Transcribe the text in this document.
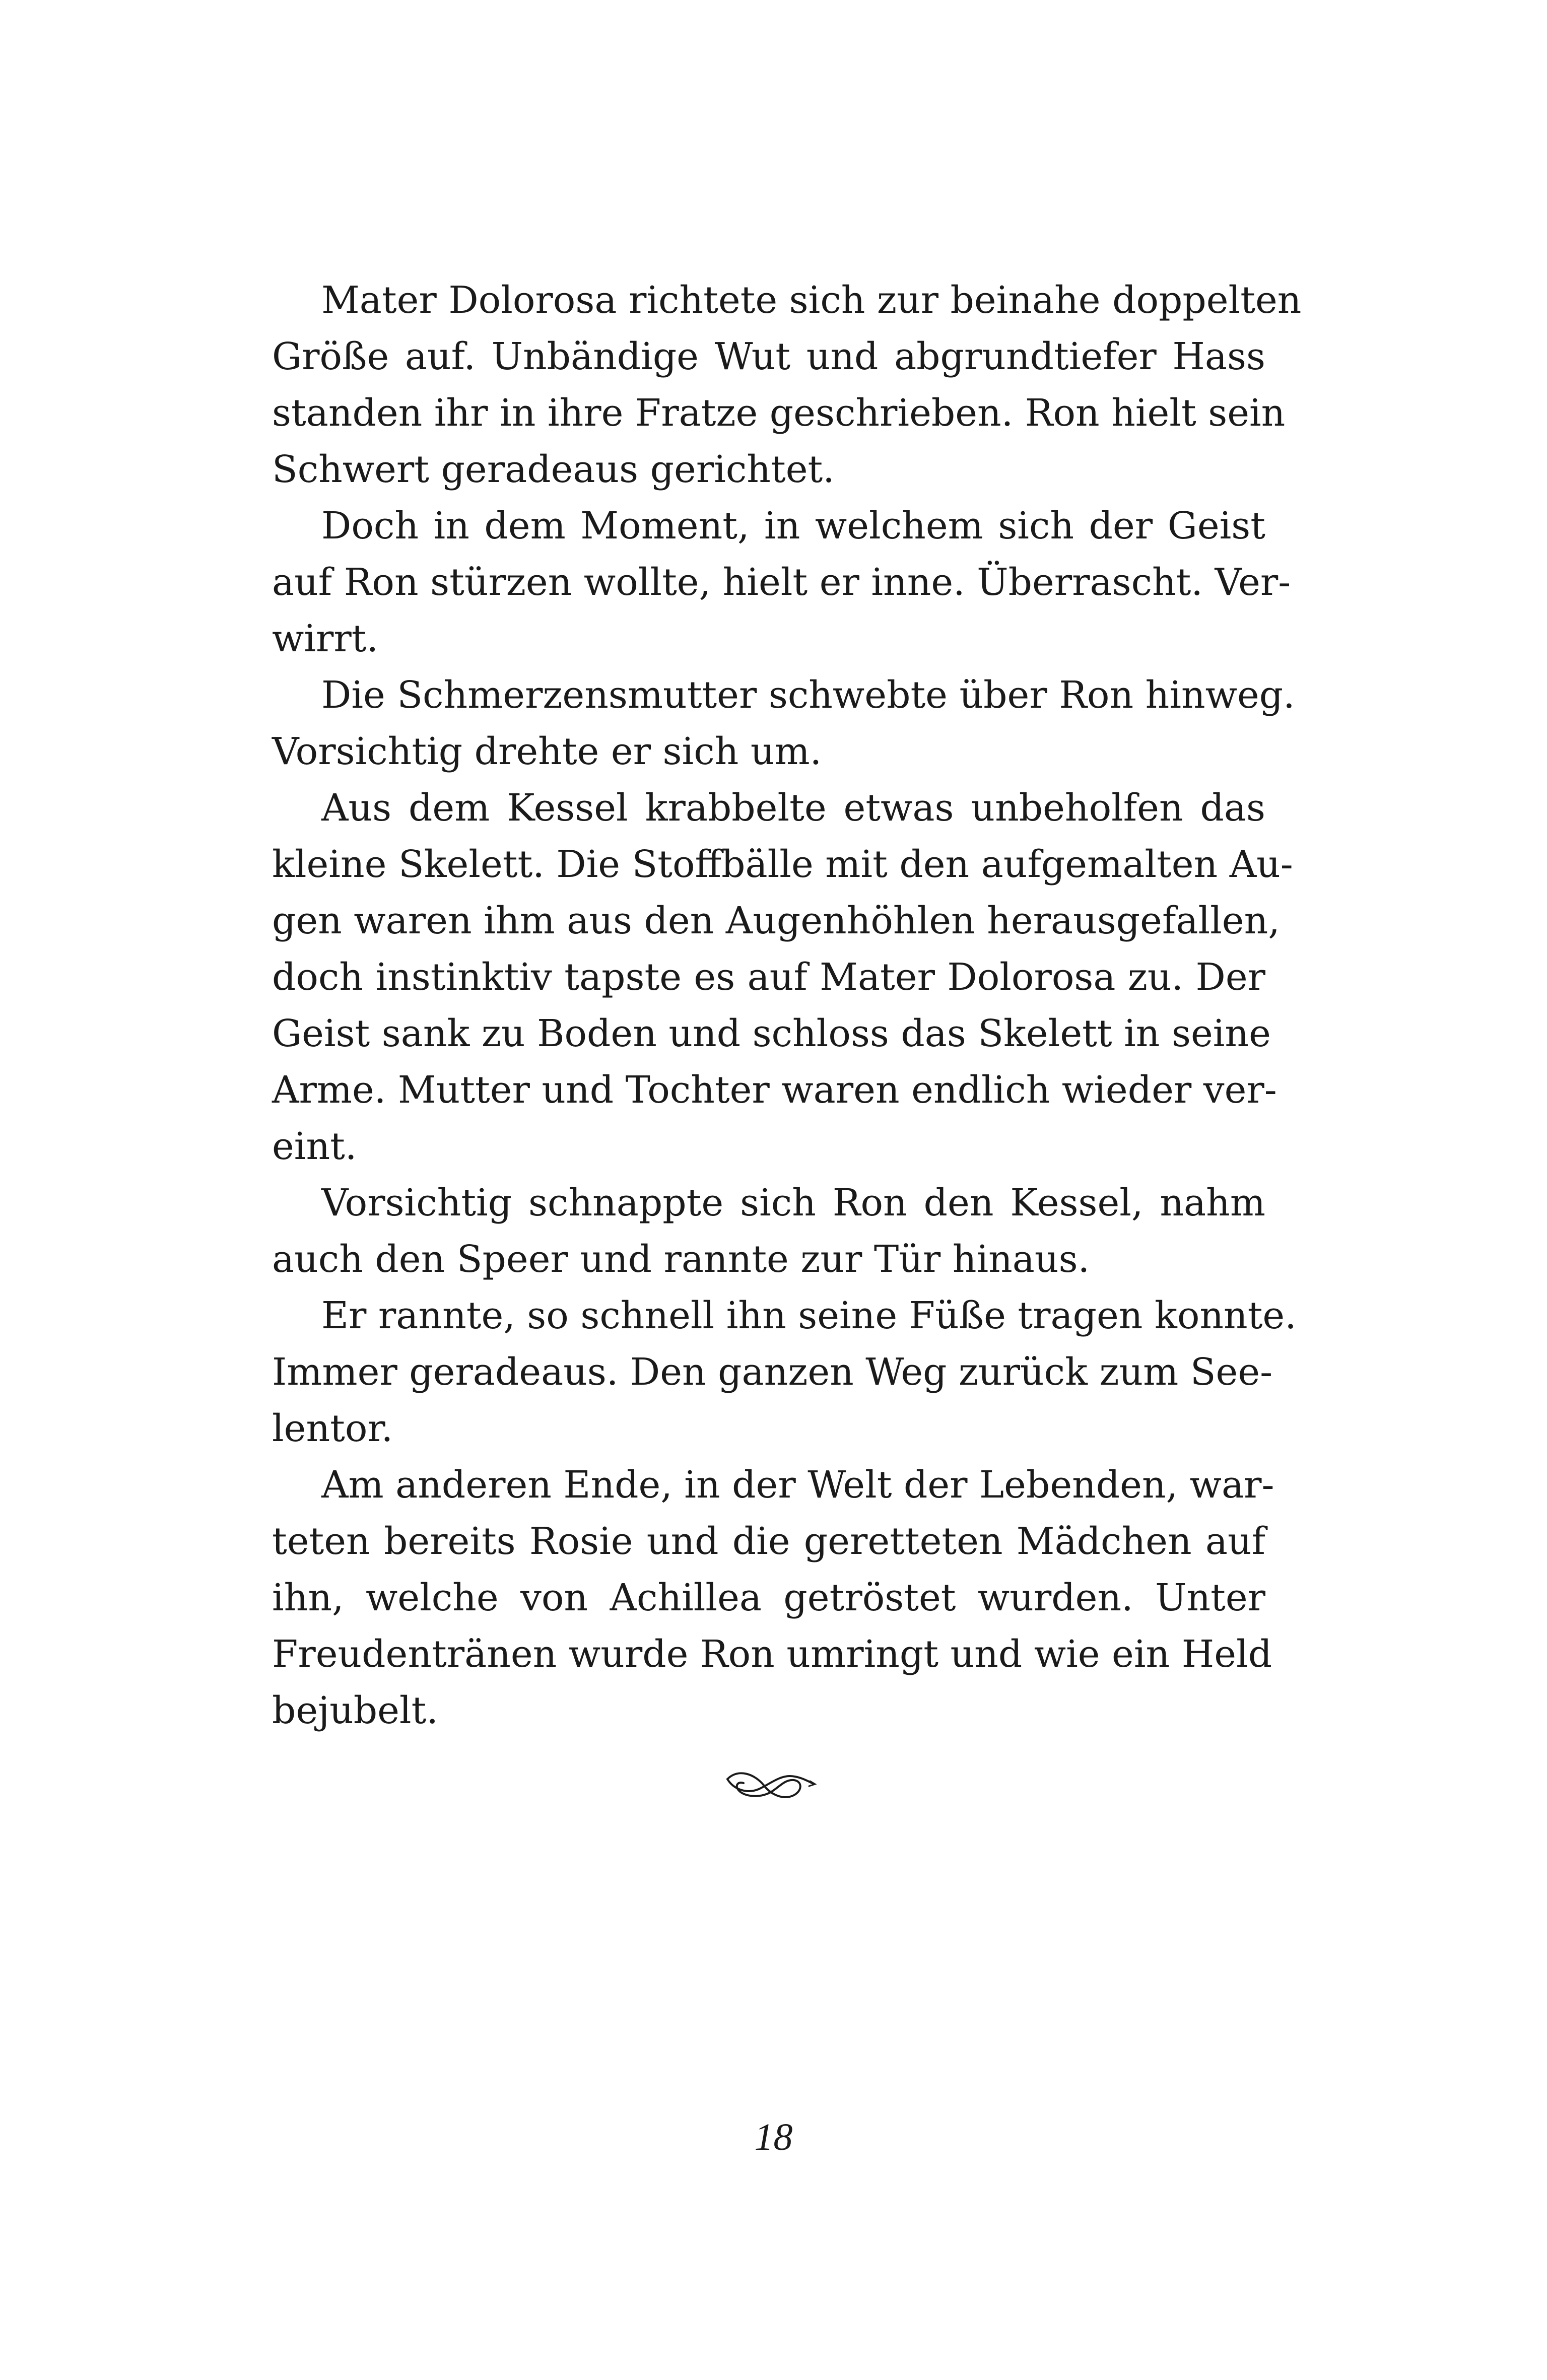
Mater Dolorosa richtete sich zur beinahe doppelten
Größe auf. Unbändige Wut und abgrundtiefer Hass
standen ihr in ihre Fratze geschrieben. Ron hielt sein
Schwert geradeaus gerichtet.
Doch in dem Moment, in welchem sich der Geist
auf Ron stürzen wollte, hielt er inne. Überrascht. Ver-
wirrt.
Die Schmerzensmutter schwebte über Ron hinweg.
Vorsichtig drehte er sich um.
Aus dem Kessel krabbelte etwas unbeholfen das
kleine Skelett. Die Stoffbälle mit den aufgemalten Au-
gen waren ihm aus den Augenhöhlen herausgefallen,
doch instinktiv tapste es auf Mater Dolorosa zu. Der
Geist sank zu Boden und schloss das Skelett in seine
Arme. Mutter und Tochter waren endlich wieder ver-
eint.
Vorsichtig schnappte sich Ron den Kessel, nahm
auch den Speer und rannte zur Tür hinaus.
Er rannte, so schnell ihn seine Füße tragen konnte.
Immer geradeaus. Den ganzen Weg zurück zum See-
lentor.
Am anderen Ende, in der Welt der Lebenden, war-
teten bereits Rosie und die geretteten Mädchen auf
ihn, welche von Achillea getröstet wurden. Unter
Freudentränen wurde Ron umringt und wie ein Held
bejubelt.
18
